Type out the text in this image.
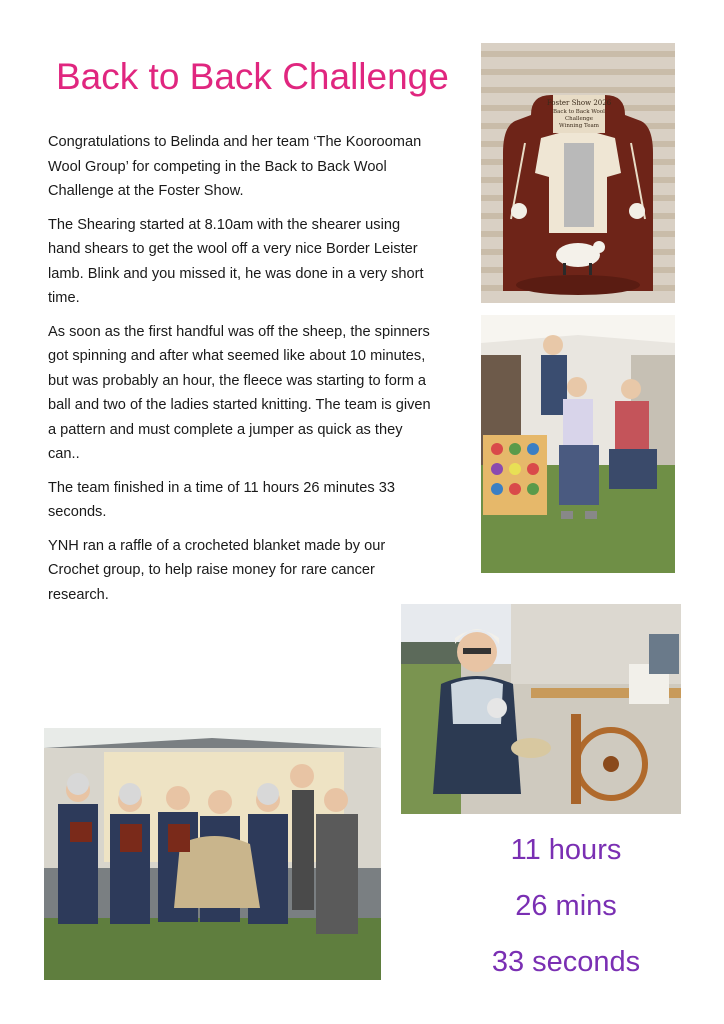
Back to Back Challenge

Congratulations to Belinda and her team ‘The Koorooman Wool Group’ for competing in the Back to Back Wool Challenge at the Foster Show.

The Shearing started at 8.10am with the shearer using hand shears to get the wool off a very nice Border Leister lamb. Blink and you missed it, he was done in a very short time.

As soon as the first handful was off the sheep, the spinners got spinning and after what seemed like about 10 minutes, but was probably an hour, the fleece was starting to form a ball and two of the ladies started knitting. The team is given a pattern and must complete a jumper as quick as they can..

The team finished in a time of 11 hours 26 minutes 33 seconds.

YNH ran a raffle of a crocheted blanket made by our Crochet group, to help raise money for rare cancer research.

Foster Show 2026
Back to Back Wool
Challenge
Winning Team
11 hours
26 mins
33 seconds
